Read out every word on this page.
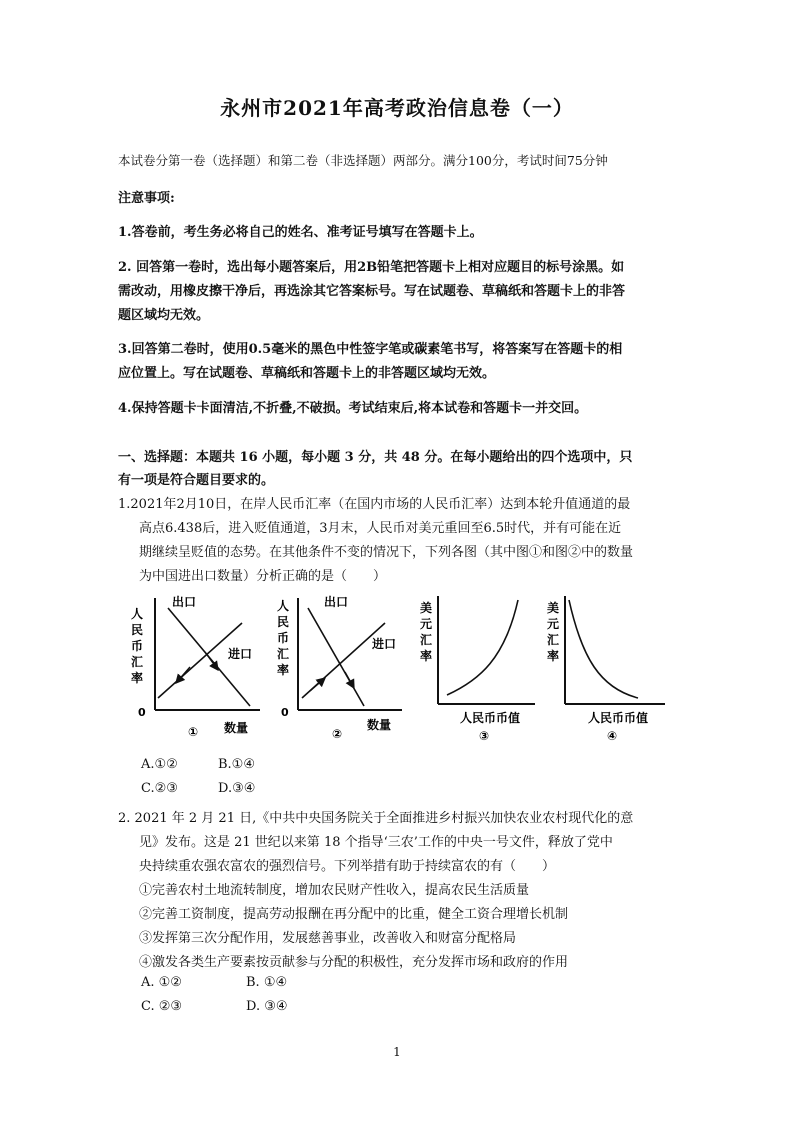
永州市2021年高考政治信息卷（一）
本试卷分第一卷（选择题）和第二卷（非选择题）两部分。满分100分，考试时间75分钟
注意事项:
1.答卷前，考生务必将自己的姓名、准考证号填写在答题卡上。
2. 回答第一卷时，选出每小题答案后，用2B铅笔把答题卡上相对应题目的标号涂黑。如
需改动，用橡皮擦干净后，再选涂其它答案标号。写在试题卷、草稿纸和答题卡上的非答
题区域均无效。
3.回答第二卷时，使用0.5毫米的黑色中性签字笔或碳素笔书写，将答案写在答题卡的相
应位置上。写在试题卷、草稿纸和答题卡上的非答题区域均无效。
4.保持答题卡卡面清洁,不折叠,不破损。考试结束后,将本试卷和答题卡一并交回。
一、选择题：本题共 16 小题，每小题 3 分，共 48 分。在每小题给出的四个选项中，只
有一项是符合题目要求的。
1.2021年2月10日，在岸人民币汇率（在国内市场的人民币汇率）达到本轮升值通道的最
高点6.438后，进入贬值通道，3月末，人民币对美元重回至6.5时代，并有可能在近
期继续呈贬值的态势。在其他条件不变的情况下，下列各图（其中图①和图②中的数量
为中国进出口数量）分析正确的是（　　）
人
民
币
汇
率
出口
进口
0
① 数量
人
民
币
汇
率
出口
进口
0
②
数量
美
元
汇
率
人民币币值
③
美
元
汇
率
人民币币值
④
A.①②	B.①④
C.②③	D.③④
2. 2021 年 2 月 21 日,《中共中央国务院关于全面推进乡村振兴加快农业农村现代化的意
见》发布。这是 21 世纪以来第 18 个指导‘三农’工作的中央一号文件，释放了党中
央持续重农强农富农的强烈信号。下列举措有助于持续富农的有（　　）
①完善农村土地流转制度，增加农民财产性收入，提高农民生活质量
②完善工资制度，提高劳动报酬在再分配中的比重，健全工资合理增长机制
③发挥第三次分配作用，发展慈善事业，改善收入和财富分配格局
④激发各类生产要素按贡献参与分配的积极性，充分发挥市场和政府的作用
A. ①②	B. ①④
C. ②③	D. ③④
1
